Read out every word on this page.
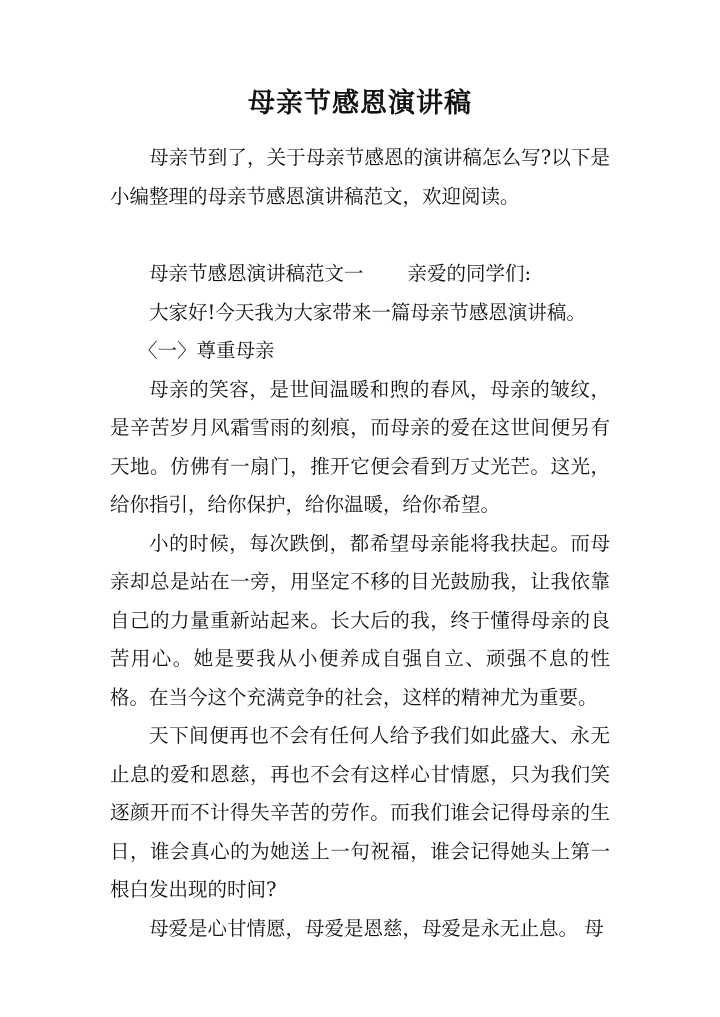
母亲节感恩演讲稿

母亲节到了，关于母亲节感恩的演讲稿怎么写?以下是小编整理的母亲节感恩演讲稿范文，欢迎阅读。

母亲节感恩演讲稿范文一 亲爱的同学们:

大家好!今天我为大家带来一篇母亲节感恩演讲稿。

〈一〉尊重母亲

母亲的笑容，是世间温暖和煦的春风，母亲的皱纹，是辛苦岁月风霜雪雨的刻痕，而母亲的爱在这世间便另有天地。仿佛有一扇门，推开它便会看到万丈光芒。这光，给你指引，给你保护，给你温暖，给你希望。

小的时候，每次跌倒，都希望母亲能将我扶起。而母亲却总是站在一旁，用坚定不移的目光鼓励我，让我依靠自己的力量重新站起来。长大后的我，终于懂得母亲的良苦用心。她是要我从小便养成自强自立、顽强不息的性格。在当今这个充满竞争的社会，这样的精神尤为重要。

天下间便再也不会有任何人给予我们如此盛大、永无止息的爱和恩慈，再也不会有这样心甘情愿，只为我们笑逐颜开而不计得失辛苦的劳作。而我们谁会记得母亲的生日，谁会真心的为她送上一句祝福，谁会记得她头上第一根白发出现的时间?

母爱是心甘情愿，母爱是恩慈，母爱是永无止息。 母
